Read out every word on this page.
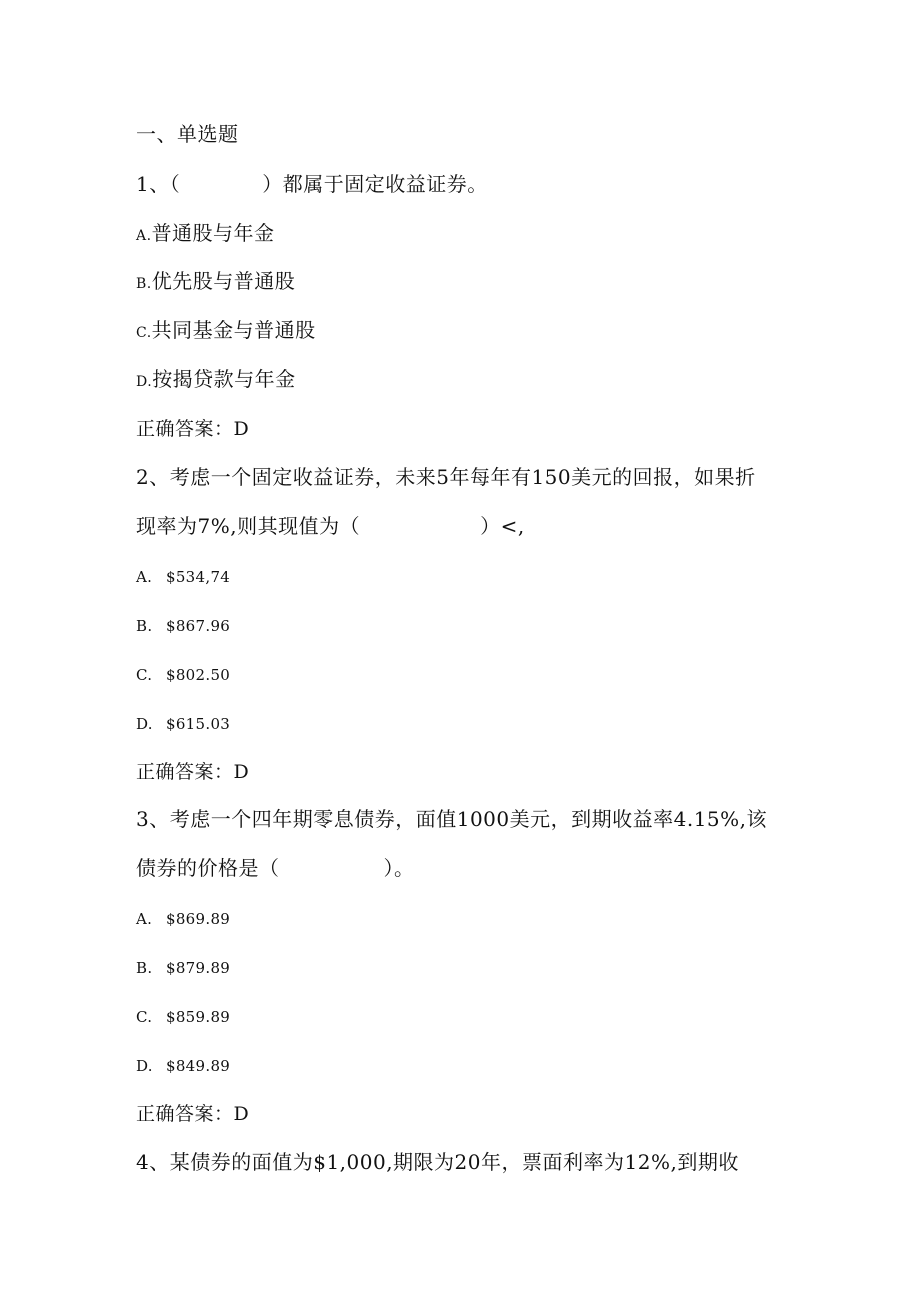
一、单选题
1、（	）都属于固定收益证券。
A.普通股与年金
B.优先股与普通股
C.共同基金与普通股
D.按揭贷款与年金
正确答案：D
2、考虑一个固定收益证券，未来5年每年有150美元的回报，如果折
现率为7%,则其现值为（	）<,
A. $534,74
B. $867.96
C. $802.50
D. $615.03
正确答案：D
3、考虑一个四年期零息债券，面值1000美元，到期收益率4.15%,该
债券的价格是（	）。
A. $869.89
B. $879.89
C. $859.89
D. $849.89
正确答案：D
4、某债券的面值为$1,000,期限为20年，票面利率为12%,到期收
